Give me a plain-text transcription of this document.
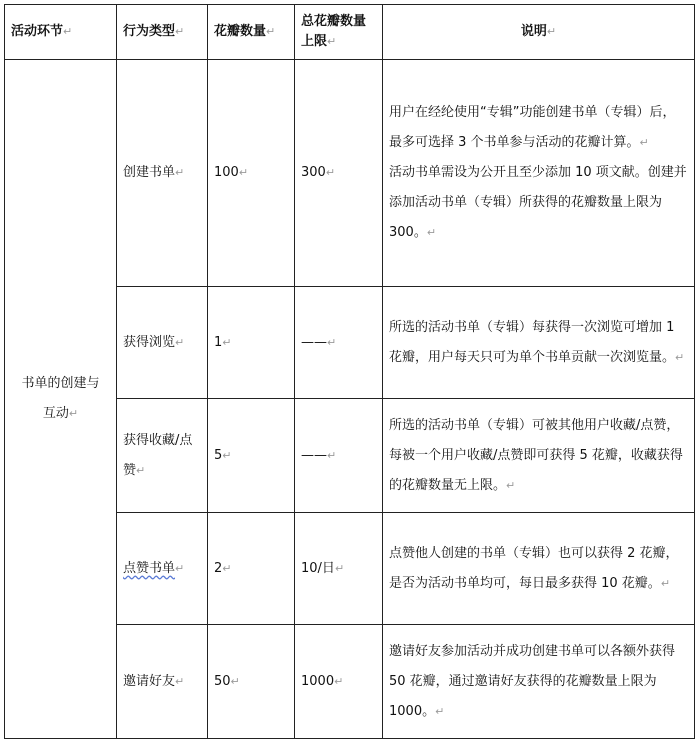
活动环节↵	行为类型↵	花瓣数量↵	总花瓣数量上限↵	说明↵
书单的创建与互动↵	创建书单↵	100↵	300↵	用户在经纶使用“专辑”功能创建书单（专辑）后，最多可选择 3 个书单参与活动的花瓣计算。↵

活动书单需设为公开且至少添加 10 项文献。创建并添加活动书单（专辑）所获得的花瓣数量上限为 300。↵

	获得浏览↵	1↵	——↵	所选的活动书单（专辑）每获得一次浏览可增加 1 花瓣，用户每天只可为单个书单贡献一次浏览量。↵
	获得收藏/点赞↵	5↵	——↵	所选的活动书单（专辑）可被其他用户收藏/点赞，每被一个用户收藏/点赞即可获得 5 花瓣，收藏获得的花瓣数量无上限。↵
	点赞书单↵	2↵	10/日↵	点赞他人创建的书单（专辑）也可以获得 2 花瓣，是否为活动书单均可，每日最多获得 10 花瓣。↵
	邀请好友↵	50↵	1000↵	邀请好友参加活动并成功创建书单可以各额外获得 50 花瓣，通过邀请好友获得的花瓣数量上限为 1000。↵
